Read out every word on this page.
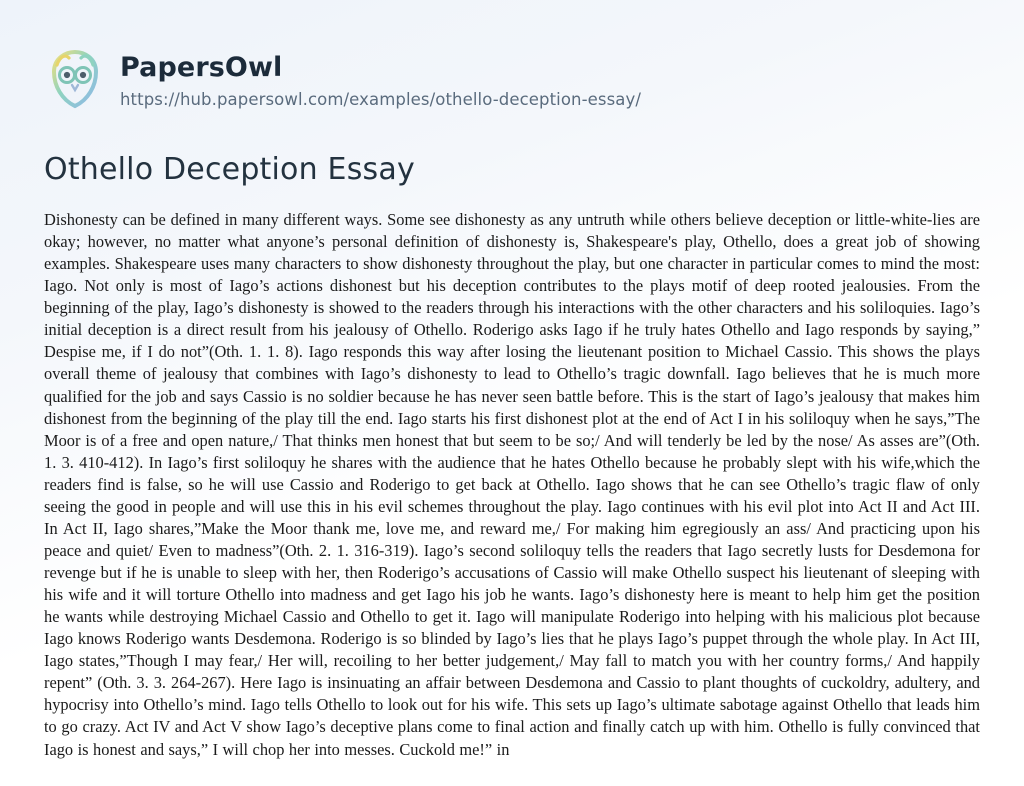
PapersOwl
https://hub.papersowl.com/examples/othello-deception-essay/
Othello Deception Essay
Dishonesty can be defined in many different ways. Some see dishonesty as any untruth while others believe deception or little-white-lies are okay; however, no matter what anyone’s personal definition of dishonesty is, Shakespeare's play, Othello, does a great job of showing examples. Shakespeare uses many characters to show dishonesty throughout the play, but one character in particular comes to mind the most: Iago. Not only is most of Iago’s actions dishonest but his deception contributes to the plays motif of deep rooted jealousies. From the beginning of the play, Iago’s dishonesty is showed to the readers through his interactions with the other characters and his soliloquies. Iago’s initial deception is a direct result from his jealousy of Othello. Roderigo asks Iago if he truly hates Othello and Iago responds by saying,” Despise me, if I do not”(Oth. 1. 1. 8). Iago responds this way after losing the lieutenant position to Michael Cassio. This shows the plays overall theme of jealousy that combines with Iago’s dishonesty to lead to Othello’s tragic downfall. Iago believes that he is much more qualified for the job and says Cassio is no soldier because he has never seen battle before. This is the start of Iago’s jealousy that makes him dishonest from the beginning of the play till the end. Iago starts his first dishonest plot at the end of Act I in his soliloquy when he says,”The Moor is of a free and open nature,/ That thinks men honest that but seem to be so;/ And will tenderly be led by the nose/ As asses are”(Oth. 1. 3. 410-412). In Iago’s first soliloquy he shares with the audience that he hates Othello because he probably slept with his wife,which the readers find is false, so he will use Cassio and Roderigo to get back at Othello. Iago shows that he can see Othello’s tragic flaw of only seeing the good in people and will use this in his evil schemes throughout the play. Iago continues with his evil plot into Act II and Act III. In Act II, Iago shares,”Make the Moor thank me, love me, and reward me,/ For making him egregiously an ass/ And practicing upon his peace and quiet/ Even to madness”(Oth. 2. 1. 316-319). Iago’s second soliloquy tells the readers that Iago secretly lusts for Desdemona for revenge but if he is unable to sleep with her, then Roderigo’s accusations of Cassio will make Othello suspect his lieutenant of sleeping with his wife and it will torture Othello into madness and get Iago his job he wants. Iago’s dishonesty here is meant to help him get the position he wants while destroying Michael Cassio and Othello to get it. Iago will manipulate Roderigo into helping with his malicious plot because Iago knows Roderigo wants Desdemona. Roderigo is so blinded by Iago’s lies that he plays Iago’s puppet through the whole play. In Act III, Iago states,”Though I may fear,/ Her will, recoiling to her better judgement,/ May fall to match you with her country forms,/ And happily repent” (Oth. 3. 3. 264-267). Here Iago is insinuating an affair between Desdemona and Cassio to plant thoughts of cuckoldry, adultery, and hypocrisy into Othello’s mind. Iago tells Othello to look out for his wife. This sets up Iago’s ultimate sabotage against Othello that leads him to go crazy. Act IV and Act V show Iago’s deceptive plans come to final action and finally catch up with him. Othello is fully convinced that Iago is honest and says,” I will chop her into messes. Cuckold me!” in
